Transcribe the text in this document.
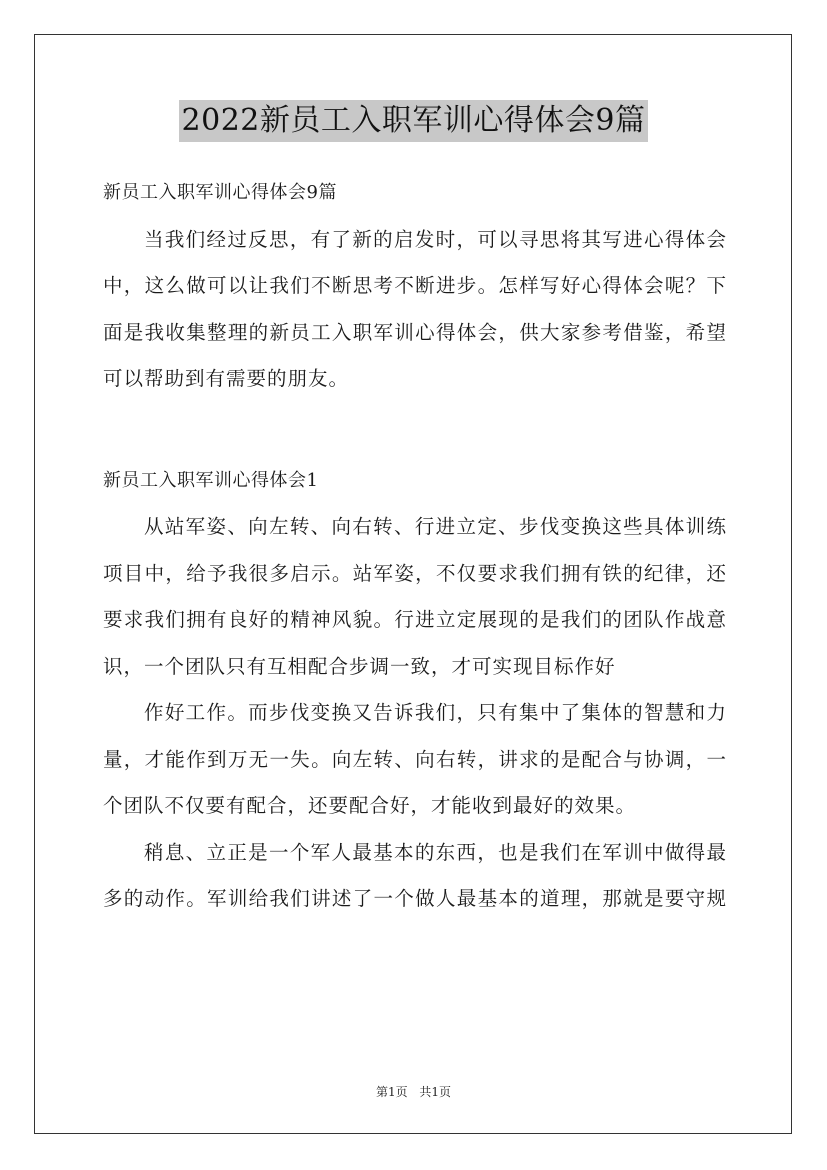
2022新员工入职军训心得体会9篇
新员工入职军训心得体会9篇
当我们经过反思，有了新的启发时，可以寻思将其写进心得体会
中，这么做可以让我们不断思考不断进步。怎样写好心得体会呢？下
面是我收集整理的新员工入职军训心得体会，供大家参考借鉴，希望
可以帮助到有需要的朋友。
新员工入职军训心得体会1
从站军姿、向左转、向右转、行进立定、步伐变换这些具体训练
项目中，给予我很多启示。站军姿，不仅要求我们拥有铁的纪律，还
要求我们拥有良好的精神风貌。行进立定展现的是我们的团队作战意
识，一个团队只有互相配合步调一致，才可实现目标作好
作好工作。而步伐变换又告诉我们，只有集中了集体的智慧和力
量，才能作到万无一失。向左转、向右转，讲求的是配合与协调，一
个团队不仅要有配合，还要配合好，才能收到最好的效果。
稍息、立正是一个军人最基本的东西，也是我们在军训中做得最
多的动作。军训给我们讲述了一个做人最基本的道理，那就是要守规
第1页 共1页
